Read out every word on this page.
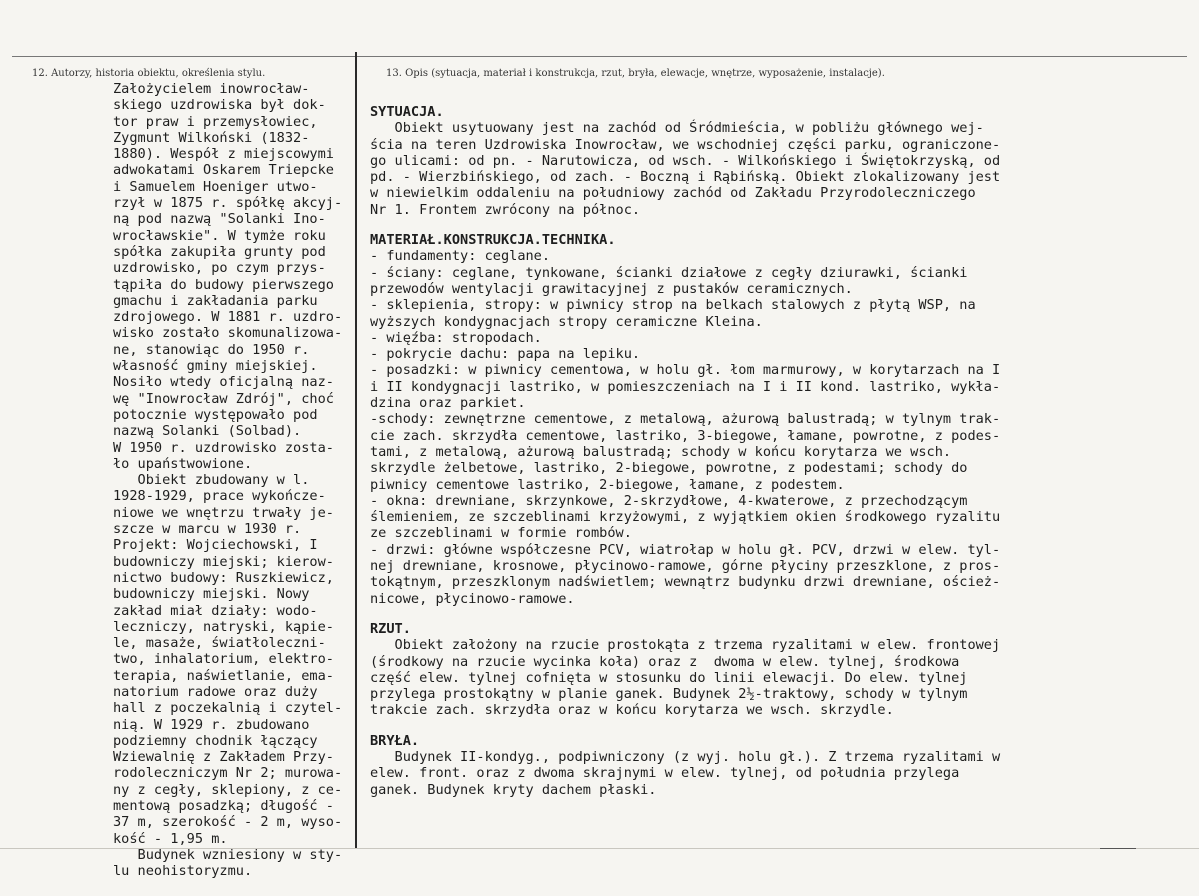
12. Autorzy, historia obiektu, określenia stylu.	13. Opis (sytuacja, materiał i konstrukcja, rzut, bryła, elewacje, wnętrze, wyposażenie, instalacje).
Założycielem inowrocław-
skiego uzdrowiska był dok-
tor praw i przemysłowiec,
Zygmunt Wilkoński (1832-
1880). Wespół z miejscowymi
adwokatami Oskarem Triepcke
i Samuelem Hoeniger utwo-
rzył w 1875 r. spółkę akcyj-
ną pod nazwą "Solanki Ino-
wrocławskie". W tymże roku
spółka zakupiła grunty pod
uzdrowisko, po czym przys-
tąpiła do budowy pierwszego
gmachu i zakładania parku
zdrojowego. W 1881 r. uzdro-
wisko zostało skomunalizowa-
ne, stanowiąc do 1950 r.
własność gminy miejskiej.
Nosiło wtedy oficjalną naz-
wę "Inowrocław Zdrój", choć
potocznie występowało pod
nazwą Solanki (Solbad).
W 1950 r. uzdrowisko zosta-
ło upaństwowione.
Obiekt zbudowany w l.
1928-1929, prace wykończe-
niowe we wnętrzu trwały je-
szcze w marcu w 1930 r.
Projekt: Wojciechowski, I
budowniczy miejski; kierow-
nictwo budowy: Ruszkiewicz,
budowniczy miejski. Nowy
zakład miał działy: wodo-
leczniczy, natryski, kąpie-
le, masaże, światłoleczni-
two, inhalatorium, elektro-
terapia, naświetlanie, ema-
natorium radowe oraz duży
hall z poczekalnią i czytel-
nią. W 1929 r. zbudowano
podziemny chodnik łączący
Wziewalnię z Zakładem Przy-
rodoleczniczym Nr 2; murowa-
ny z cegły, sklepiony, z ce-
mentową posadzką; długość -
37 m, szerokość - 2 m, wyso-
kość - 1,95 m.
Budynek wzniesiony w sty-
lu neohistoryzmu.
SYTUACJA.
Obiekt usytuowany jest na zachód od Śródmieścia, w pobliżu głównego wej-
ścia na teren Uzdrowiska Inowrocław, we wschodniej części parku, ograniczone-
go ulicami: od pn. - Narutowicza, od wsch. - Wilkońskiego i Świętokrzyską, od
pd. - Wierzbińskiego, od zach. - Boczną i Rąbińską. Obiekt zlokalizowany jest
w niewielkim oddaleniu na południowy zachód od Zakładu Przyrodoleczniczego
Nr 1. Frontem zwrócony na północ.
MATERIAŁ.KONSTRUKCJA.TECHNIKA.
- fundamenty: ceglane.
- ściany: ceglane, tynkowane, ścianki działowe z cegły dziurawki, ścianki
przewodów wentylacji grawitacyjnej z pustaków ceramicznych.
- sklepienia, stropy: w piwnicy strop na belkach stalowych z płytą WSP, na
wyższych kondygnacjach stropy ceramiczne Kleina.
- więźba: stropodach.
- pokrycie dachu: papa na lepiku.
- posadzki: w piwnicy cementowa, w holu gł. łom marmurowy, w korytarzach na I
i II kondygnacji lastriko, w pomieszczeniach na I i II kond. lastriko, wykła-
dzina oraz parkiet.
-schody: zewnętrzne cementowe, z metalową, ażurową balustradą; w tylnym trak-
cie zach. skrzydła cementowe, lastriko, 3-biegowe, łamane, powrotne, z podes-
tami, z metalową, ażurową balustradą; schody w końcu korytarza we wsch.
skrzydle żelbetowe, lastriko, 2-biegowe, powrotne, z podestami; schody do
piwnicy cementowe lastriko, 2-biegowe, łamane, z podestem.
- okna: drewniane, skrzynkowe, 2-skrzydłowe, 4-kwaterowe, z przechodzącym
ślemieniem, ze szczeblinami krzyżowymi, z wyjątkiem okien środkowego ryzalitu
ze szczeblinami w formie rombów.
- drzwi: główne współczesne PCV, wiatrołap w holu gł. PCV, drzwi w elew. tyl-
nej drewniane, krosnowe, płycinowo-ramowe, górne płyciny przeszklone, z pros-
tokątnym, przeszklonym nadświetlem; wewnątrz budynku drzwi drewniane, oścież-
nicowe, płycinowo-ramowe.
RZUT.
Obiekt założony na rzucie prostokąta z trzema ryzalitami w elew. frontowej
(środkowy na rzucie wycinka koła) oraz z  dwoma w elew. tylnej, środkowa
część elew. tylnej cofnięta w stosunku do linii elewacji. Do elew. tylnej
przylega prostokątny w planie ganek. Budynek 2½-traktowy, schody w tylnym
trakcie zach. skrzydła oraz w końcu korytarza we wsch. skrzydle.
BRYŁA.
Budynek II-kondyg., podpiwniczony (z wyj. holu gł.). Z trzema ryzalitami w
elew. front. oraz z dwoma skrajnymi w elew. tylnej, od południa przylega
ganek. Budynek kryty dachem płaski.
